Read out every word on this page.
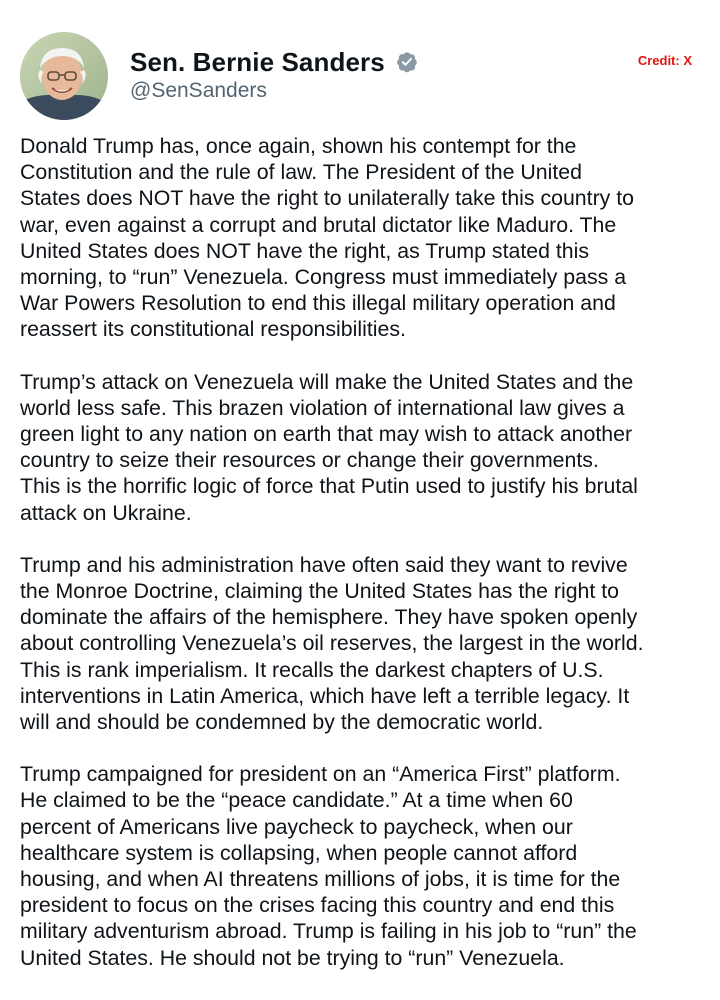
Sen. Bernie Sanders
@SenSanders
Credit: X

Donald Trump has, once again, shown his contempt for the
Constitution and the rule of law. The President of the United
States does NOT have the right to unilaterally take this country to
war, even against a corrupt and brutal dictator like Maduro. The
United States does NOT have the right, as Trump stated this
morning, to “run” Venezuela. Congress must immediately pass a
War Powers Resolution to end this illegal military operation and
reassert its constitutional responsibilities.

Trump’s attack on Venezuela will make the United States and the
world less safe. This brazen violation of international law gives a
green light to any nation on earth that may wish to attack another
country to seize their resources or change their governments.
This is the horrific logic of force that Putin used to justify his brutal
attack on Ukraine.

Trump and his administration have often said they want to revive
the Monroe Doctrine, claiming the United States has the right to
dominate the affairs of the hemisphere. They have spoken openly
about controlling Venezuela’s oil reserves, the largest in the world.
This is rank imperialism. It recalls the darkest chapters of U.S.
interventions in Latin America, which have left a terrible legacy. It
will and should be condemned by the democratic world.

Trump campaigned for president on an “America First” platform.
He claimed to be the “peace candidate.” At a time when 60
percent of Americans live paycheck to paycheck, when our
healthcare system is collapsing, when people cannot afford
housing, and when AI threatens millions of jobs, it is time for the
president to focus on the crises facing this country and end this
military adventurism abroad. Trump is failing in his job to “run” the
United States. He should not be trying to “run” Venezuela.
